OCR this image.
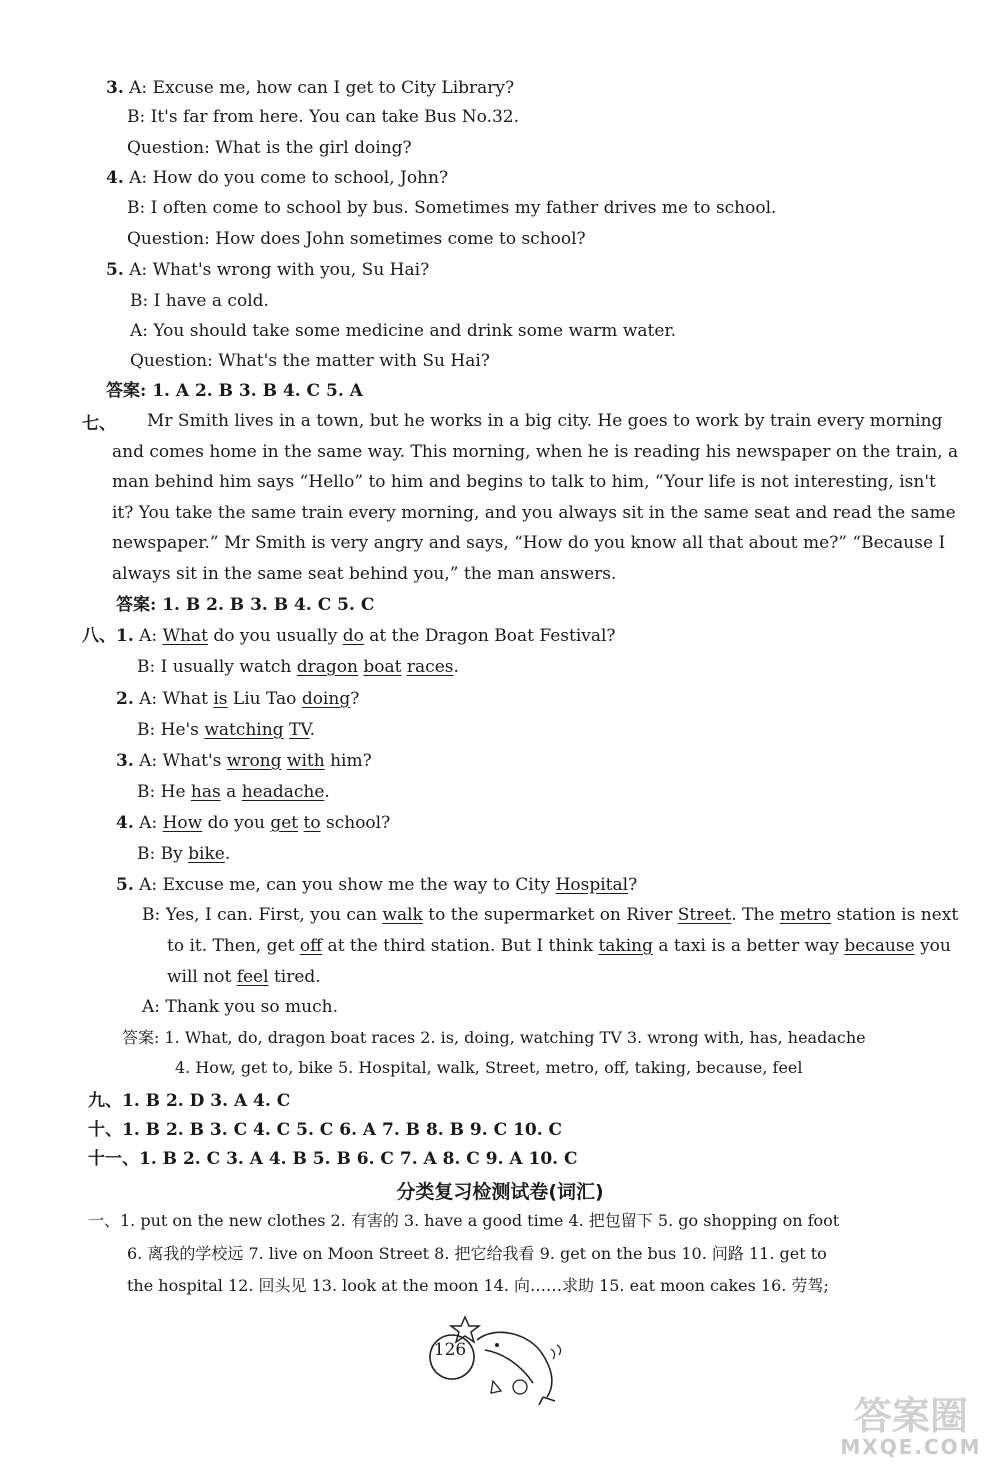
3. A: Excuse me, how can I get to City Library?
B: It's far from here. You can take Bus No.32.
Question: What is the girl doing?
4. A: How do you come to school, John?
B: I often come to school by bus. Sometimes my father drives me to school.
Question: How does John sometimes come to school?
5. A: What's wrong with you, Su Hai?
B: I have a cold.
A: You should take some medicine and drink some warm water.
Question: What's the matter with Su Hai?
答案: 1. A 2. B 3. B 4. C 5. A
七、 Mr Smith lives in a town, but he works in a big city. He goes to work by train every morning
and comes home in the same way. This morning, when he is reading his newspaper on the train, a
man behind him says “Hello” to him and begins to talk to him, “Your life is not interesting, isn't
it? You take the same train every morning, and you always sit in the same seat and read the same
newspaper.” Mr Smith is very angry and says, “How do you know all that about me?” “Because I
always sit in the same seat behind you,” the man answers.
答案: 1. B 2. B 3. B 4. C 5. C
八、1. A: What do you usually do at the Dragon Boat Festival?
B: I usually watch dragon boat races.
2. A: What is Liu Tao doing?
B: He's watching TV.
3. A: What's wrong with him?
B: He has a headache.
4. A: How do you get to school?
B: By bike.
5. A: Excuse me, can you show me the way to City Hospital?
B: Yes, I can. First, you can walk to the supermarket on River Street. The metro station is next
to it. Then, get off at the third station. But I think taking a taxi is a better way because you
will not feel tired.
A: Thank you so much.
答案: 1. What, do, dragon boat races 2. is, doing, watching TV 3. wrong with, has, headache
4. How, get to, bike 5. Hospital, walk, Street, metro, off, taking, because, feel
九、1. B 2. D 3. A 4. C
十、1. B 2. B 3. C 4. C 5. C 6. A 7. B 8. B 9. C 10. C
十一、1. B 2. C 3. A 4. B 5. B 6. C 7. A 8. C 9. A 10. C
分类复习检测试卷(词汇)
一、1. put on the new clothes 2. 有害的 3. have a good time 4. 把包留下 5. go shopping on foot
6. 离我的学校远 7. live on Moon Street 8. 把它给我看 9. get on the bus 10. 问路 11. get to
the hospital 12. 回头见 13. look at the moon 14. 向……求助 15. eat moon cakes 16. 劳驾;
126
答案圈
MXQE.COM
